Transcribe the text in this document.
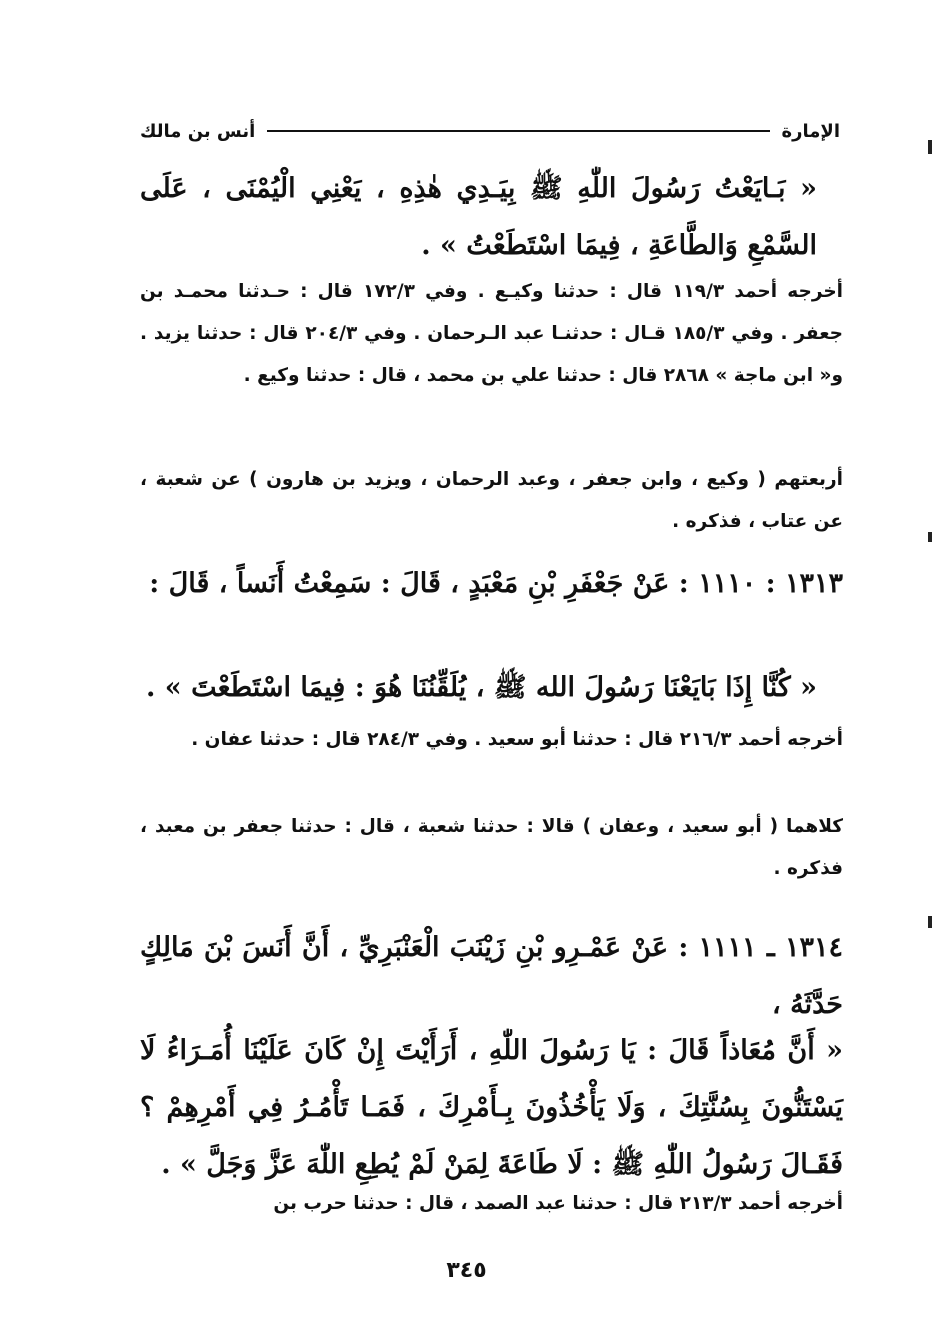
الإمارة
أنس بن مالك
« بَـايَعْتُ رَسُولَ اللّٰهِ ﷺ بِيَـدِي هٰذِهِ ، يَعْنِي الْيُمْنَى ، عَلَى السَّمْعِ وَالطَّاعَةِ ، فِيمَا اسْتَطَعْتُ » .
أخرجه أحمد ١١٩/٣ قال : حدثنا وكيـع . وفي ١٧٢/٣ قال : حـدثنا محمـد بن جعفر . وفي ١٨٥/٣ قـال : حدثنـا عبد الـرحمان . وفي ٢٠٤/٣ قال : حدثنا يزيد . و« ابن ماجة » ٢٨٦٨ قال : حدثنا علي بن محمد ، قال : حدثنا وكيع .
أربعتهم ( وكيع ، وابن جعفر ، وعبد الرحمان ، ويزيد بن هارون ) عن شعبة ، عن عتاب ، فذكره .
١٣١٣ : ١١١٠ : عَنْ جَعْفَرِ بْنِ مَعْبَدٍ ، قَالَ : سَمِعْتُ أَنَساً ، قَالَ :
« كُنَّا إِذَا بَايَعْنَا رَسُولَ الله ﷺ ، يُلَقِّنُنَا هُوَ : فِيمَا اسْتَطَعْتَ » .
أخرجه أحمد ٢١٦/٣ قال : حدثنا أبو سعيد . وفي ٢٨٤/٣ قال : حدثنا عفان .
كلاهما ( أبو سعيد ، وعفان ) قالا : حدثنا شعبة ، قال : حدثنا جعفر بن معبد ، فذكره .
١٣١٤ ـ ١١١١ : عَنْ عَمْـرِو بْنِ زَيْنَبَ الْعَنْبَرِيِّ ، أَنَّ أَنَسَ بْنَ مَالِكٍ حَدَّثَهُ ،
« أَنَّ مُعَاذاً قَالَ : يَا رَسُولَ اللّٰهِ ، أَرَأَيْتَ إِنْ كَانَ عَلَيْنَا أُمَـرَاءُ لَا يَسْتَنُّونَ بِسُنَّتِكَ ، وَلَا يَأْخُذُونَ بِـأَمْرِكَ ، فَمَـا تَأْمُـرُ فِي أَمْرِهِمْ ؟ فَقَـالَ رَسُولُ اللّٰهِ ﷺ : لَا طَاعَةَ لِمَنْ لَمْ يُطِعِ اللّٰهَ عَزَّ وَجَلَّ » .
أخرجه أحمد ٢١٣/٣ قال : حدثنا عبد الصمد ، قال : حدثنا حرب بن
٣٤٥
